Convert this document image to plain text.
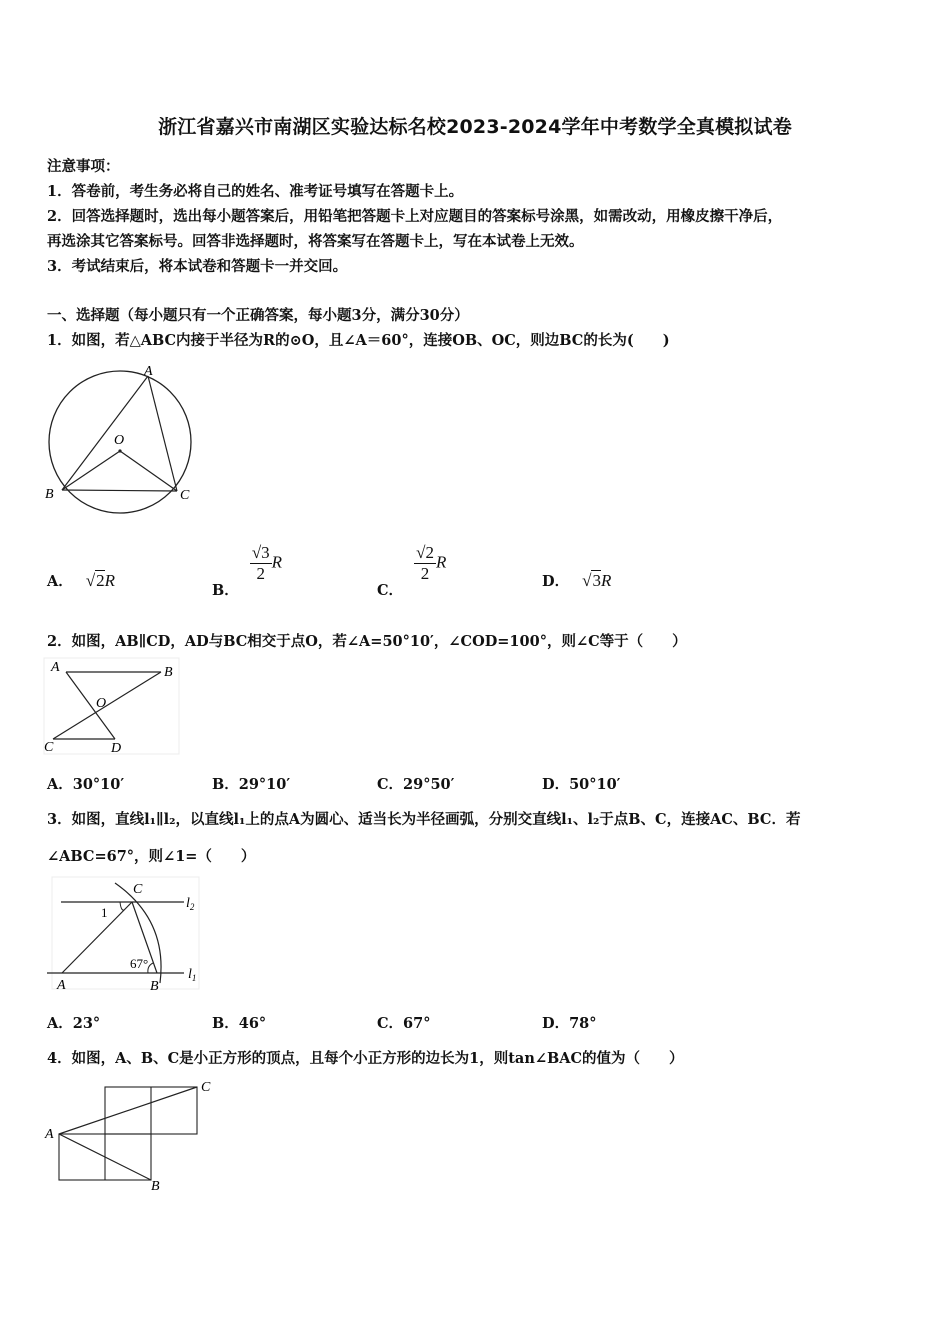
浙江省嘉兴市南湖区实验达标名校2023-2024学年中考数学全真模拟试卷
注意事项：
1．答卷前，考生务必将自己的姓名、准考证号填写在答题卡上。
2．回答选择题时，选出每小题答案后，用铅笔把答题卡上对应题目的答案标号涂黑，如需改动，用橡皮擦干净后，
再选涂其它答案标号。回答非选择题时，将答案写在答题卡上，写在本试卷上无效。
3．考试结束后，将本试卷和答题卡一并交回。
一、选择题（每小题只有一个正确答案，每小题3分，满分30分）
1．如图，若△ABC内接于半径为R的⊙O，且∠A＝60°，连接OB、OC，则边BC的长为(　　)
A
O
B	C
A． √2R	B．
$\frac{√3}{2}$ R
C．
$\frac{√2}{2}$ R
D． √3R
2．如图，AB∥CD，AD与BC相交于点O，若∠A=50°10′，∠COD=100°，则∠C等于（　　）
A	B
O
C	D
A．30°10′	B．29°10′	C．29°50′	D．50°10′
3．如图，直线l₁∥l₂，以直线l₁上的点A为圆心、适当长为半径画弧，分别交直线l₁、l₂于点B、C，连接AC、BC．若
∠ABC=67°，则∠1=（　　）
C
1
67°
A	B
$l_2$
$l_1$
A．23°	B．46°	C．67°	D．78°
4．如图，A、B、C是小正方形的顶点，且每个小正方形的边长为1，则tan∠BAC的值为（　　）
A
C
B
